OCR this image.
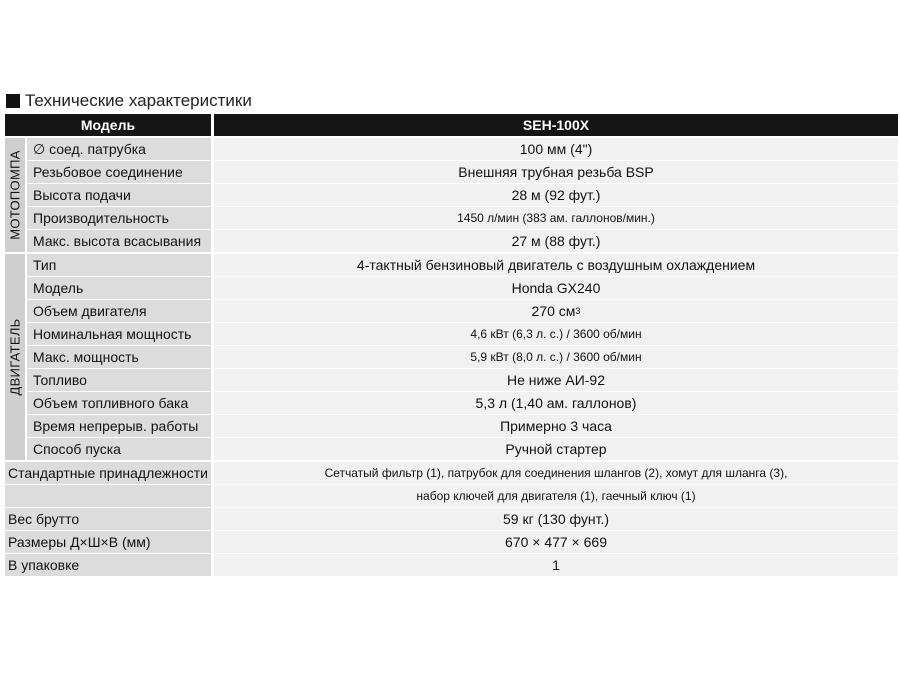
Технические характеристики
Модель	SEH-100X
МОТОПОМПА
∅ соед. патрубка	100 мм (4")
Резьбовое соединение	Внешняя трубная резьба BSP
Высота подачи	28 м (92 фут.)
Производительность	1450 л/мин (383 ам. галлонов/мин.)
Макс. высота всасывания	27 м (88 фут.)
ДВИГАТЕЛЬ
Тип	4-тактный бензиновый двигатель с воздушным охлаждением
Модель	Honda GX240
Объем двигателя	270 см 3
Номинальная мощность	4,6 кВт (6,3 л. с.) / 3600 об/мин
Макс. мощность	5,9 кВт (8,0 л. с.) / 3600 об/мин
Топливо	Не ниже АИ-92
Объем топливного бака	5,3 л (1,40 ам. галлонов)
Время непрерыв. работы	Примерно 3 часа
Способ пуска	Ручной стартер
Стандартные принадлежности	Сетчатый фильтр (1), патрубок для соединения шлангов (2), хомут для шланга (3),
набор ключей для двигателя (1), гаечный ключ (1)
Вес брутто	59 кг (130 фунт.)
Размеры Д×Ш×В (мм)	670 × 477 × 669
В упаковке	1
